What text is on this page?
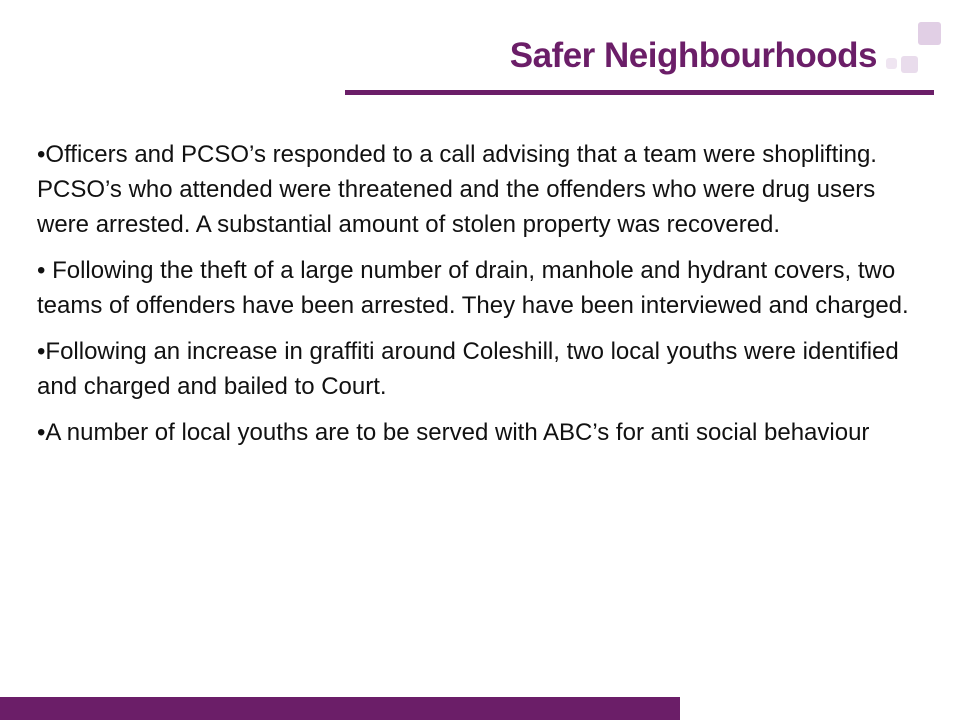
Safer Neighbourhoods

•Officers and PCSO’s responded to a call advising that a team were shoplifting. PCSO’s who attended were threatened and the offenders who were drug users were arrested. A substantial amount of stolen property was recovered.

• Following the theft of a large number of drain, manhole and hydrant covers, two teams of offenders have been arrested. They have been interviewed and charged.

•Following an increase in graffiti around Coleshill, two local youths were identified and charged and bailed to Court.

•A number of local youths are to be served with ABC’s for anti social behaviour
